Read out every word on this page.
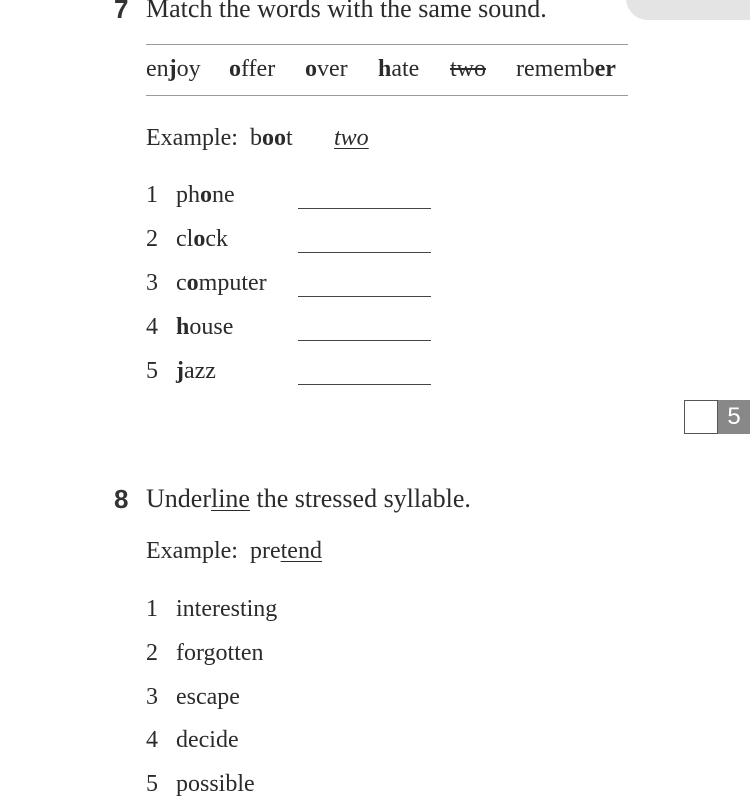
7 Match the words with the same sound.
enjoy offer over hate two remember
Example: boot two
1 phone
2 clock
3 computer
4 house
5 jazz
5
8 Underline the stressed syllable.
Example: pretend
1 interesting
2 forgotten
3 escape
4 decide
5 possible
